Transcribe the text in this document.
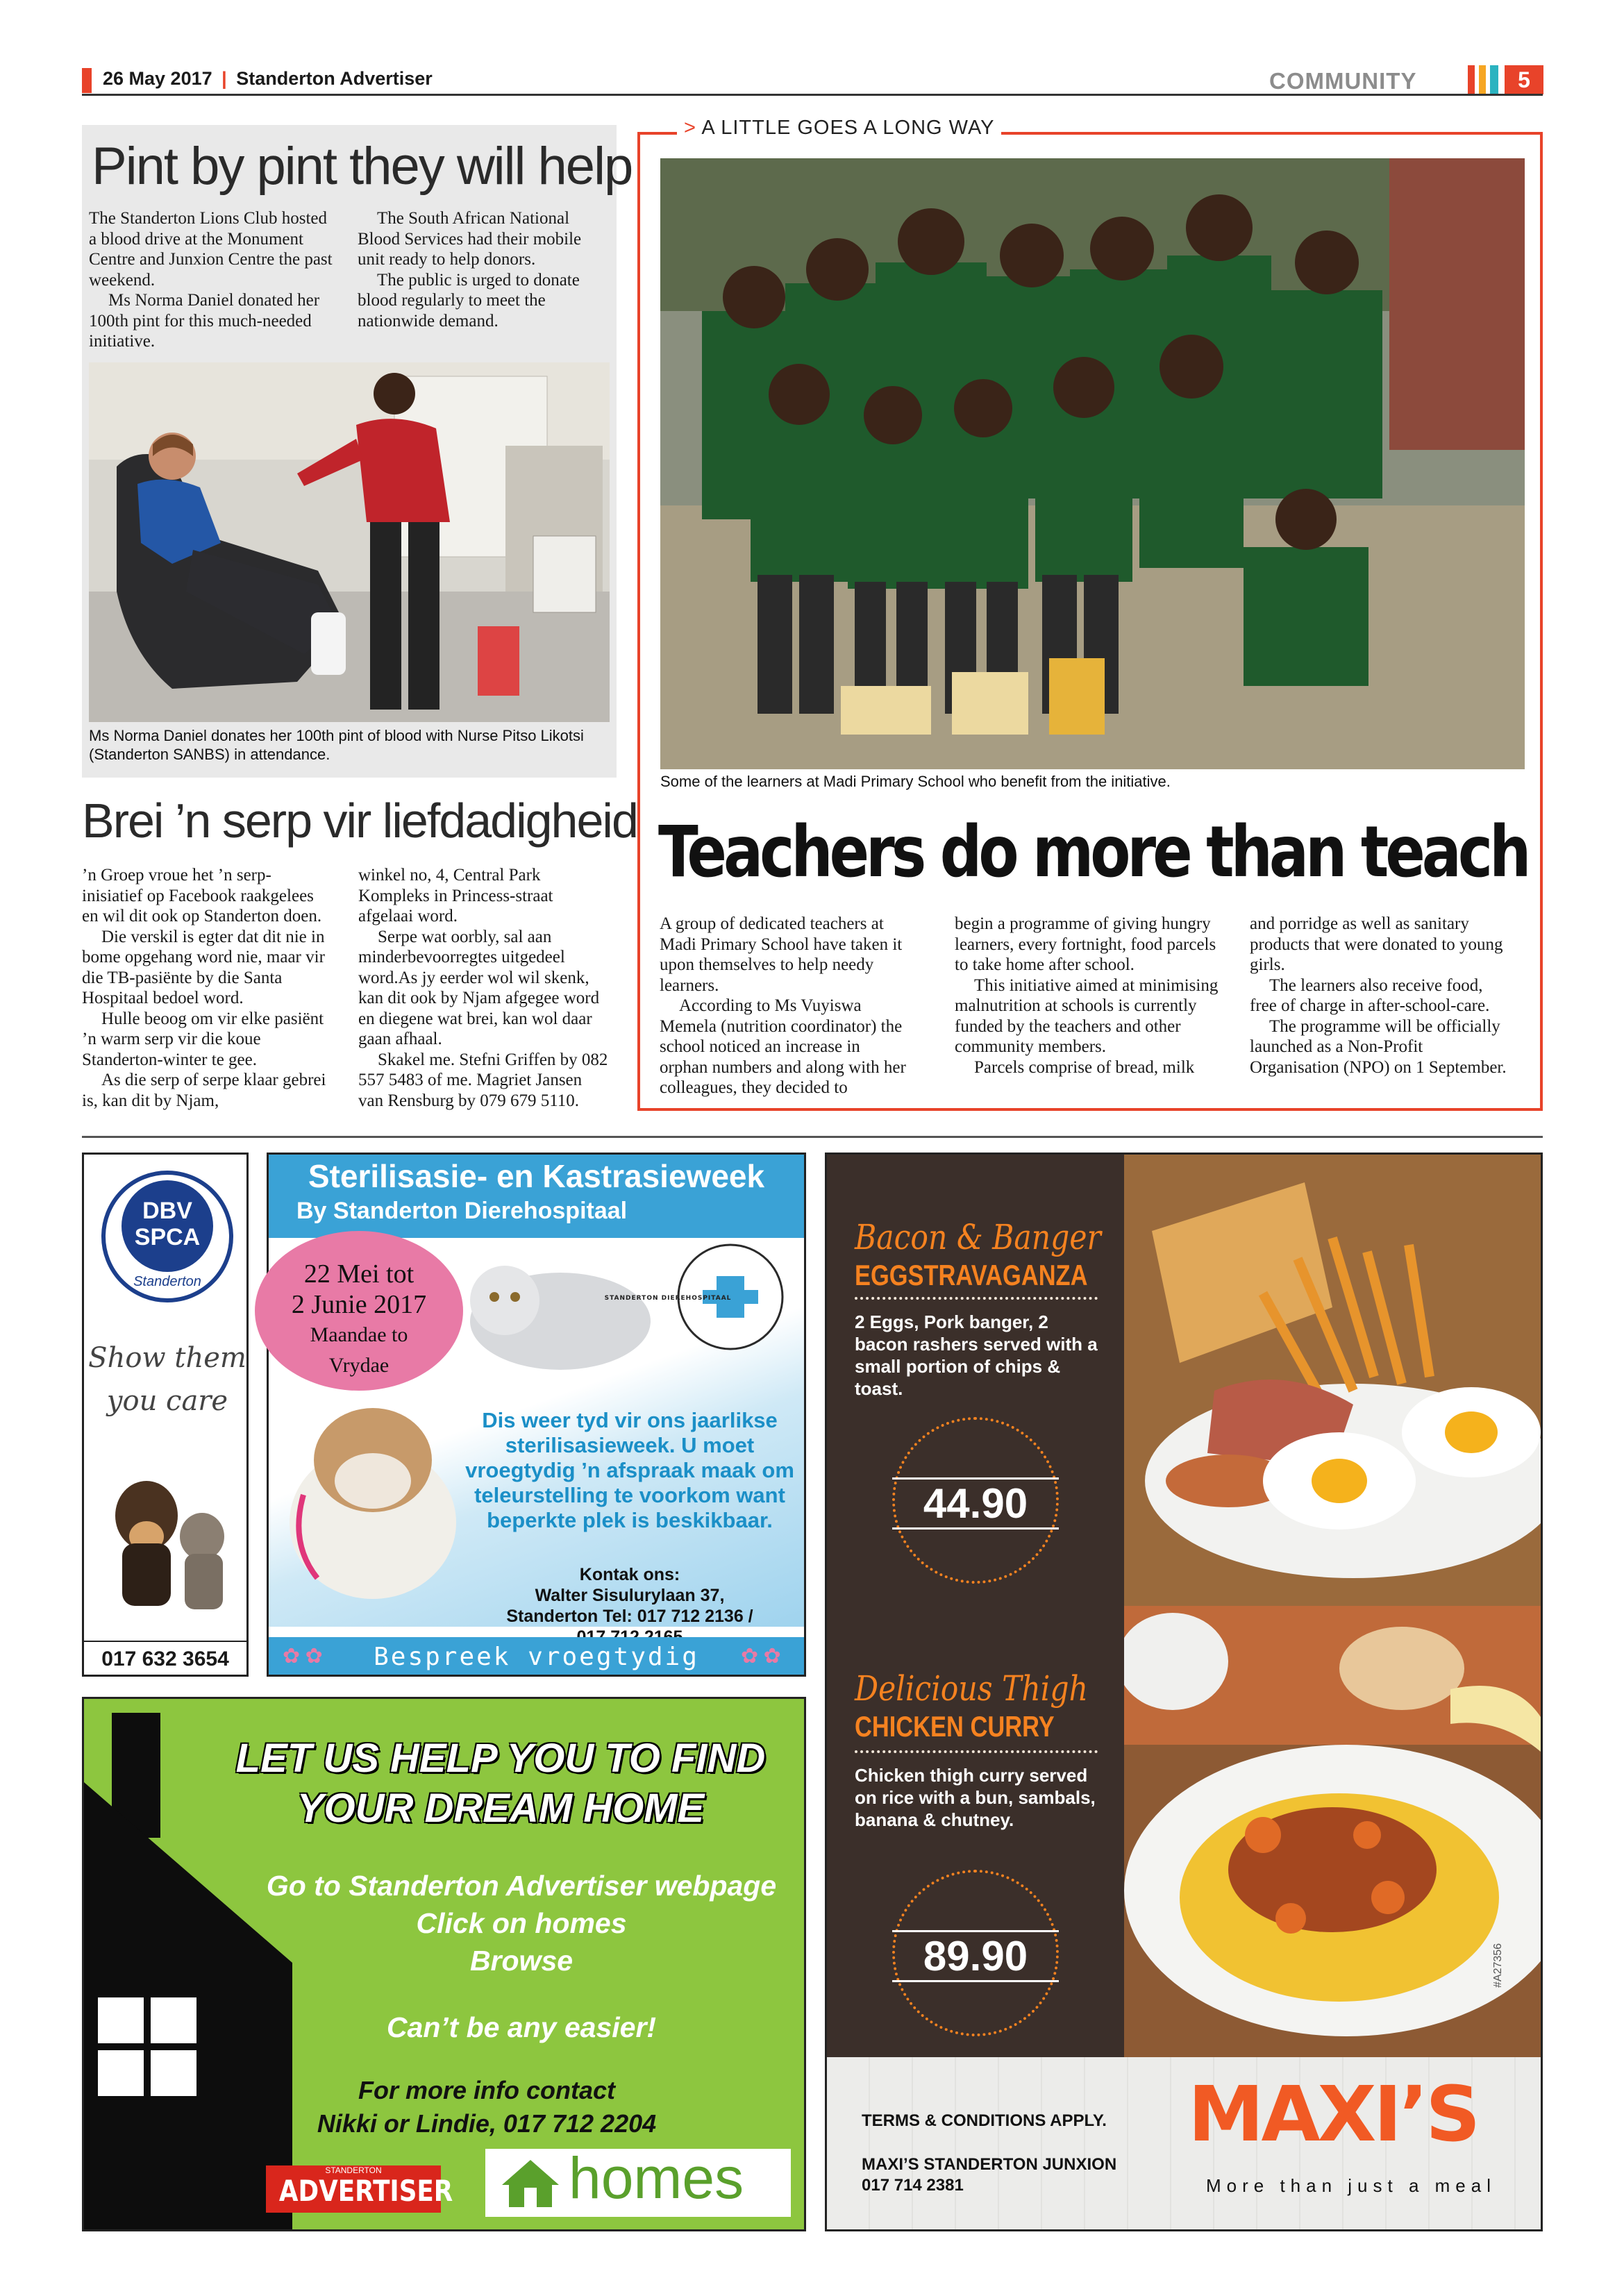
26 May 2017 | Standerton Advertiser	COMMUNITY	5
Pint by pint they will help

The Standerton Lions Club hosted a blood drive at the Monument Centre and Junxion Centre the past weekend.

Ms Norma Daniel donated her 100th pint for this much-needed initiative.

The South African National Blood Services had their mobile unit ready to help donors.

The public is urged to donate blood regularly to meet the nationwide demand.

Ms Norma Daniel donates her 100th pint of blood with Nurse Pitso Likotsi (Standerton SANBS) in attendance.
Brei ’n serp vir liefdadigheid

’n Groep vroue het ’n serp-inisiatief op Facebook raakgelees en wil dit ook op Standerton doen.

Die verskil is egter dat dit nie in bome opgehang word nie, maar vir die TB-pasiënte by die Santa Hospitaal bedoel word.

Hulle beoog om vir elke pasiënt ’n warm serp vir die koue Standerton-winter te gee.

As die serp of serpe klaar gebrei is, kan dit by Njam,

winkel no, 4, Central Park Kompleks in Princess-straat afgelaai word.

Serpe wat oorbly, sal aan minderbevoorregtes uitgedeel word.As jy eerder wol wil skenk, kan dit ook by Njam afgegee word en diegene wat brei, kan wol daar gaan afhaal.

Skakel me. Stefni Griffen by 082 557 5483 of me. Magriet Jansen van Rensburg by 079 679 5110.

> A LITTLE GOES A LONG WAY
Some of the learners at Madi Primary School who benefit from the initiative.
Teachers do more than teach

A group of dedicated teachers at Madi Primary School have taken it upon themselves to help needy learners.

According to Ms Vuyiswa Memela (nutrition coordinator) the school noticed an increase in orphan numbers and along with her colleagues, they decided to

begin a programme of giving hungry learners, every fortnight, food parcels to take home after school.

This initiative aimed at minimising malnutrition at schools is currently funded by the teachers and other community members.

Parcels comprise of bread, milk

and porridge as well as sanitary products that were donated to young girls.

The learners also receive food, free of charge in after-school-care.

The programme will be officially launched as a Non-Profit Organisation (NPO) on 1 September.

DBV
SPCA
Standerton
Show them
you care
017 632 3654
Sterilisasie- en Kastrasieweek
By Standerton Dierehospitaal
22 Mei tot
2 Junie 2017
Maandae to
Vrydae
STANDERTON DIEREHOSPITAAL
Dis weer tyd vir ons jaarlikse sterilisasieweek. U moet vroegtydig ’n afspraak maak om teleurstelling te voorkom want beperkte plek is beskikbaar.
Kontak ons:
Walter Sisulurylaan 37,
Standerton Tel: 017 712 2136 /
✿ ✿	✿ ✿
Bespreek vroegtydig
LET US HELP YOU TO FIND
YOUR DREAM HOME
Go to Standerton Advertiser webpage
Click on homes
Browse
Can’t be any easier!
For more info contact
Nikki or Lindie, 017 712 2204
STANDERTON
ADVERTISER homes
Bacon & Banger
EGGSTRAVAGANZA
2 Eggs, Pork banger, 2 bacon rashers served with a small portion of chips & toast.
44.90
Delicious Thigh
CHICKEN CURRY
Chicken thigh curry served on rice with a bun, sambals, banana & chutney.
89.90	#A27356
TERMS & CONDITIONS APPLY.
MAXI’S STANDERTON JUNXION
017 714 2381
MAXI’S
More than just a meal
